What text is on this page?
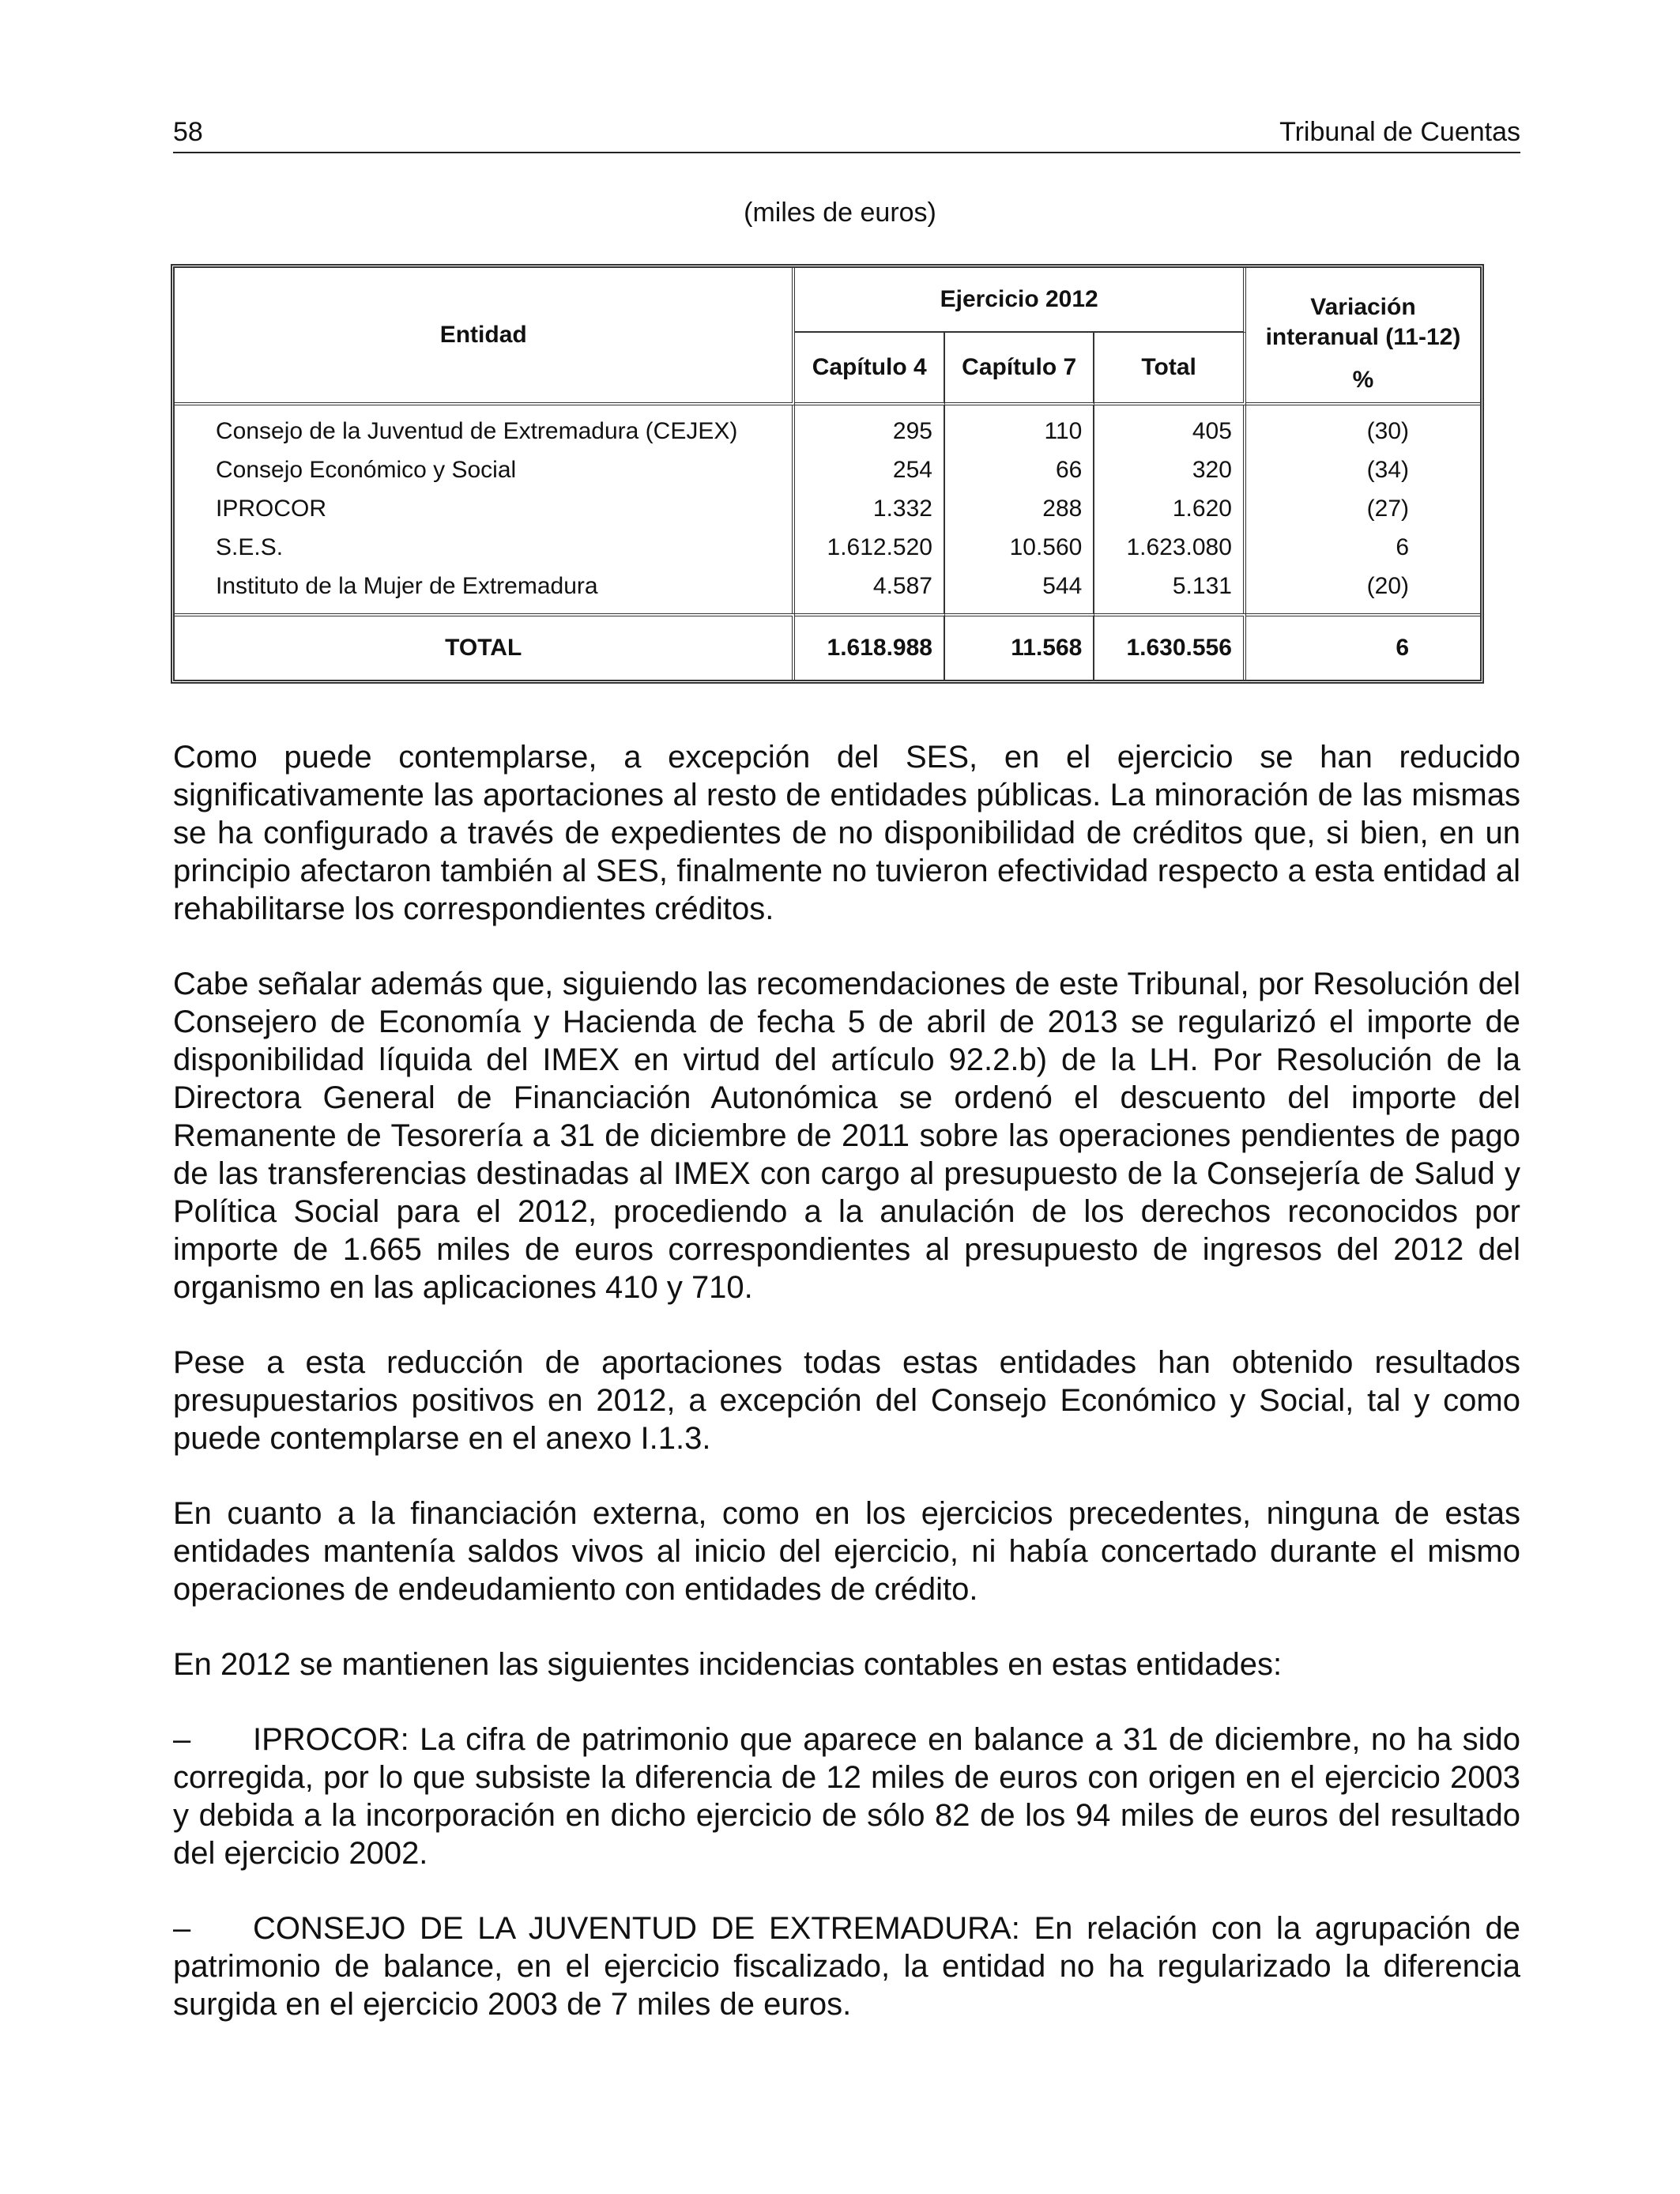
58	Tribunal de Cuentas
(miles de euros)
Entidad	Ejercicio 2012			Variación
interanual (11-12)
%

	Capítulo 4	Capítulo 7	Total	
Consejo de la Juventud de Extremadura (CEJEX)	295	110	405	(30)
Consejo Económico y Social	254	66	320	(34)
IPROCOR	1.332	288	1.620	(27)
S.E.S.	1.612.520	10.560	1.623.080	6
Instituto de la Mujer de Extremadura	4.587	544	5.131	(20)
TOTAL	1.618.988	11.568	1.630.556	6

Como puede contemplarse, a excepción del SES, en el ejercicio se han reducido significativamente las aportaciones al resto de entidades públicas. La minoración de las mismas se ha configurado a través de expedientes de no disponibilidad de créditos que, si bien, en un principio afectaron también al SES, finalmente no tuvieron efectividad respecto a esta entidad al rehabilitarse los correspondientes créditos.

Cabe señalar además que, siguiendo las recomendaciones de este Tribunal, por Resolución del Consejero de Economía y Hacienda de fecha 5 de abril de 2013 se regularizó el importe de disponibilidad líquida del IMEX en virtud del artículo 92.2.b) de la LH. Por Resolución de la Directora General de Financiación Autonómica se ordenó el descuento del importe del Remanente de Tesorería a 31 de diciembre de 2011 sobre las operaciones pendientes de pago de las transferencias destinadas al IMEX con cargo al presupuesto de la Consejería de Salud y Política Social para el 2012, procediendo a la anulación de los derechos reconocidos por importe de 1.665 miles de euros correspondientes al presupuesto de ingresos del 2012 del organismo en las aplicaciones 410 y 710.

Pese a esta reducción de aportaciones todas estas entidades han obtenido resultados presupuestarios positivos en 2012, a excepción del Consejo Económico y Social, tal y como puede contemplarse en el anexo I.1.3.

En cuanto a la financiación externa, como en los ejercicios precedentes, ninguna de estas entidades mantenía saldos vivos al inicio del ejercicio, ni había concertado durante el mismo operaciones de endeudamiento con entidades de crédito.

En 2012 se mantienen las siguientes incidencias contables en estas entidades:

– IPROCOR: La cifra de patrimonio que aparece en balance a 31 de diciembre, no ha sido corregida, por lo que subsiste la diferencia de 12 miles de euros con origen en el ejercicio 2003 y debida a la incorporación en dicho ejercicio de sólo 82 de los 94 miles de euros del resultado del ejercicio 2002.

– CONSEJO DE LA JUVENTUD DE EXTREMADURA: En relación con la agrupación de patrimonio de balance, en el ejercicio fiscalizado, la entidad no ha regularizado la diferencia surgida en el ejercicio 2003 de 7 miles de euros.
